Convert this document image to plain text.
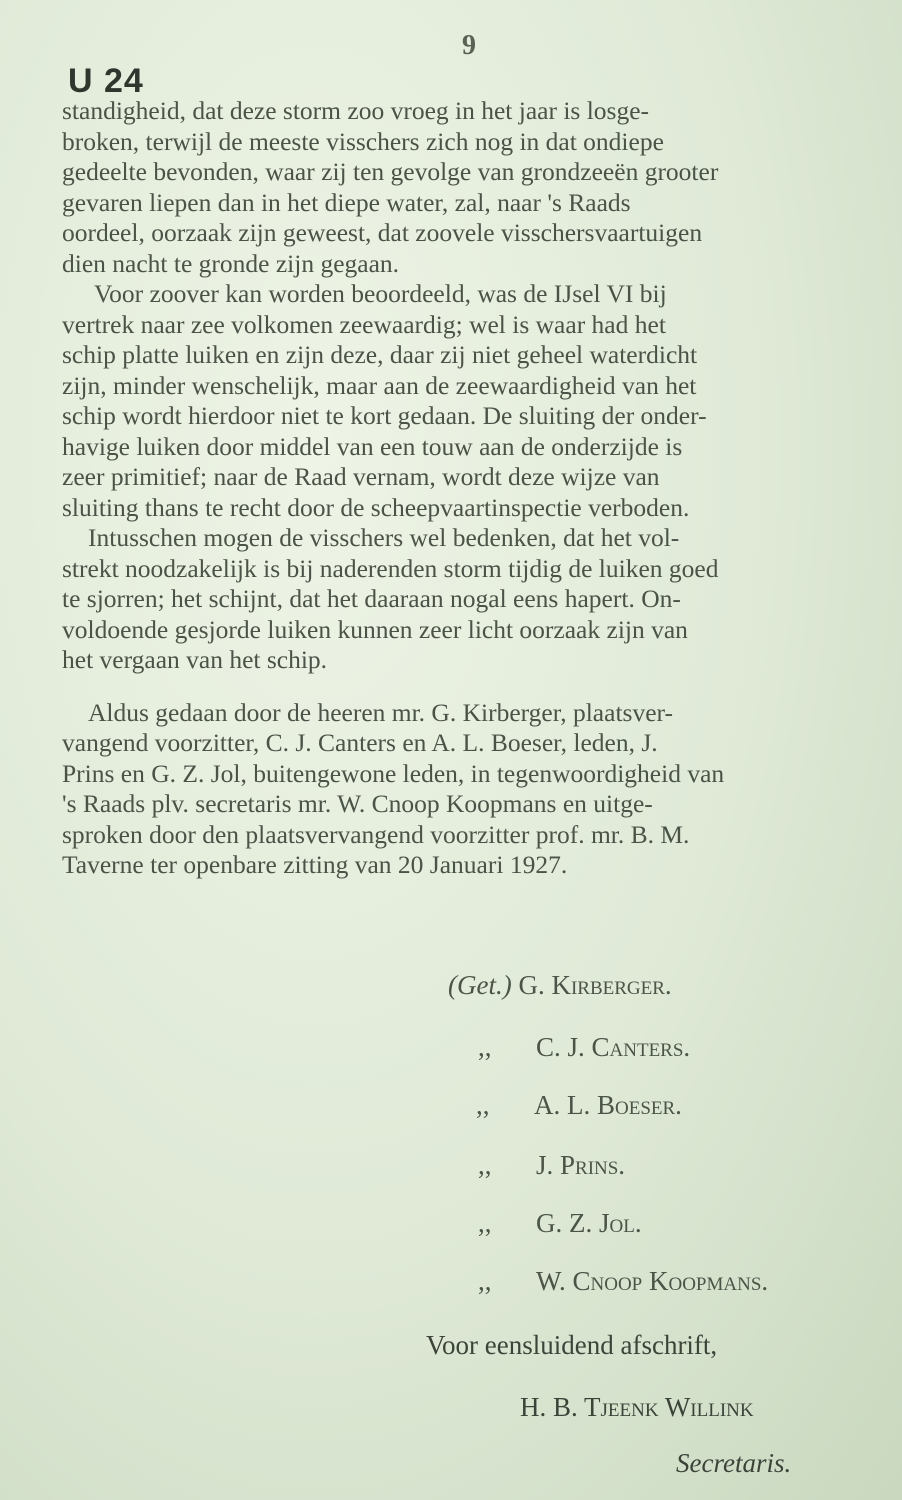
9
U 24
standigheid, dat deze storm zoo vroeg in het jaar is losge-
broken, terwijl de meeste visschers zich nog in dat ondiepe
gedeelte bevonden, waar zij ten gevolge van grondzeeën grooter
gevaren liepen dan in het diepe water, zal, naar 's Raads
oordeel, oorzaak zijn geweest, dat zoovele visschersvaartuigen
dien nacht te gronde zijn gegaan.
Voor zoover kan worden beoordeeld, was de IJsel VI bij
vertrek naar zee volkomen zeewaardig; wel is waar had het
schip platte luiken en zijn deze, daar zij niet geheel waterdicht
zijn, minder wenschelijk, maar aan de zeewaardigheid van het
schip wordt hierdoor niet te kort gedaan. De sluiting der onder-
havige luiken door middel van een touw aan de onderzijde is
zeer primitief; naar de Raad vernam, wordt deze wijze van
sluiting thans te recht door de scheepvaartinspectie verboden.
Intusschen mogen de visschers wel bedenken, dat het vol-
strekt noodzakelijk is bij naderenden storm tijdig de luiken goed
te sjorren; het schijnt, dat het daaraan nogal eens hapert. On-
voldoende gesjorde luiken kunnen zeer licht oorzaak zijn van
het vergaan van het schip.
Aldus gedaan door de heeren mr. G. Kirberger, plaatsver-
vangend voorzitter, C. J. Canters en A. L. Boeser, leden, J.
Prins en G. Z. Jol, buitengewone leden, in tegenwoordigheid van
's Raads plv. secretaris mr. W. Cnoop Koopmans en uitge-
sproken door den plaatsvervangend voorzitter prof. mr. B. M.
Taverne ter openbare zitting van 20 Januari 1927.
(Get.) G. Kirberger.
,, C. J. Canters.
,, A. L. Boeser.
,, J. Prins.
,, G. Z. Jol.
,, W. Cnoop Koopmans.
Voor eensluidend afschrift,
H. B. Tjeenk Willink
Secretaris.
